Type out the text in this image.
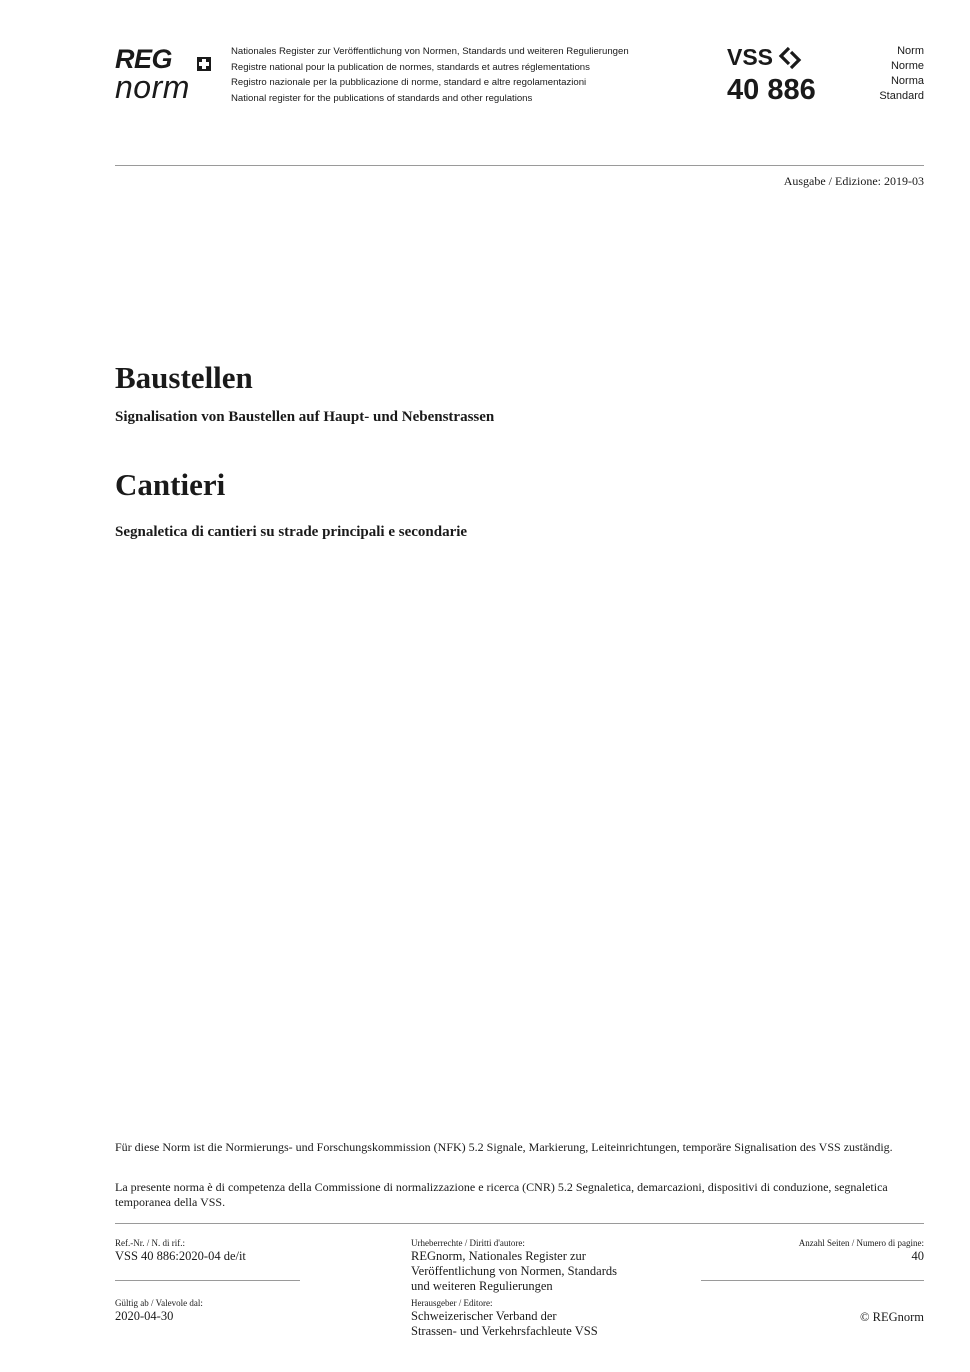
REG
norm
Nationales Register zur Veröffentlichung von Normen, Standards und weiteren Regulierungen
Registre national pour la publication de normes, standards et autres réglementations
Registro nazionale per la pubblicazione di norme, standard e altre regolamentazioni
National register for the publications of standards and other regulations
VSS
40 886
Norm
Norme
Norma
Standard
Ausgabe / Edizione: 2019-03
Baustellen
Signalisation von Baustellen auf Haupt- und Nebenstrassen
Cantieri
Segnaletica di cantieri su strade principali e secondarie

Für diese Norm ist die Normierungs- und Forschungskommission (NFK) 5.2 Signale, Markierung, Leiteinrichtungen, temporäre Signalisation des VSS zuständig.

La presente norma è di competenza della Commissione di normalizzazione e ricerca (CNR) 5.2 Segnaletica, demarcazioni, dispositivi di conduzione, segnaletica temporanea della VSS.

Ref.-Nr. / N. di rif.:
VSS 40 886:2020-04 de/it
Gültig ab / Valevole dal:
2020-04-30
Urheberrechte / Diritti d'autore:
REGnorm, Nationales Register zur
Veröffentlichung von Normen, Standards
und weiteren Regulierungen
Herausgeber / Editore:
Schweizerischer Verband der
Strassen- und Verkehrsfachleute VSS
Anzahl Seiten / Numero di pagine:
40
© REGnorm
